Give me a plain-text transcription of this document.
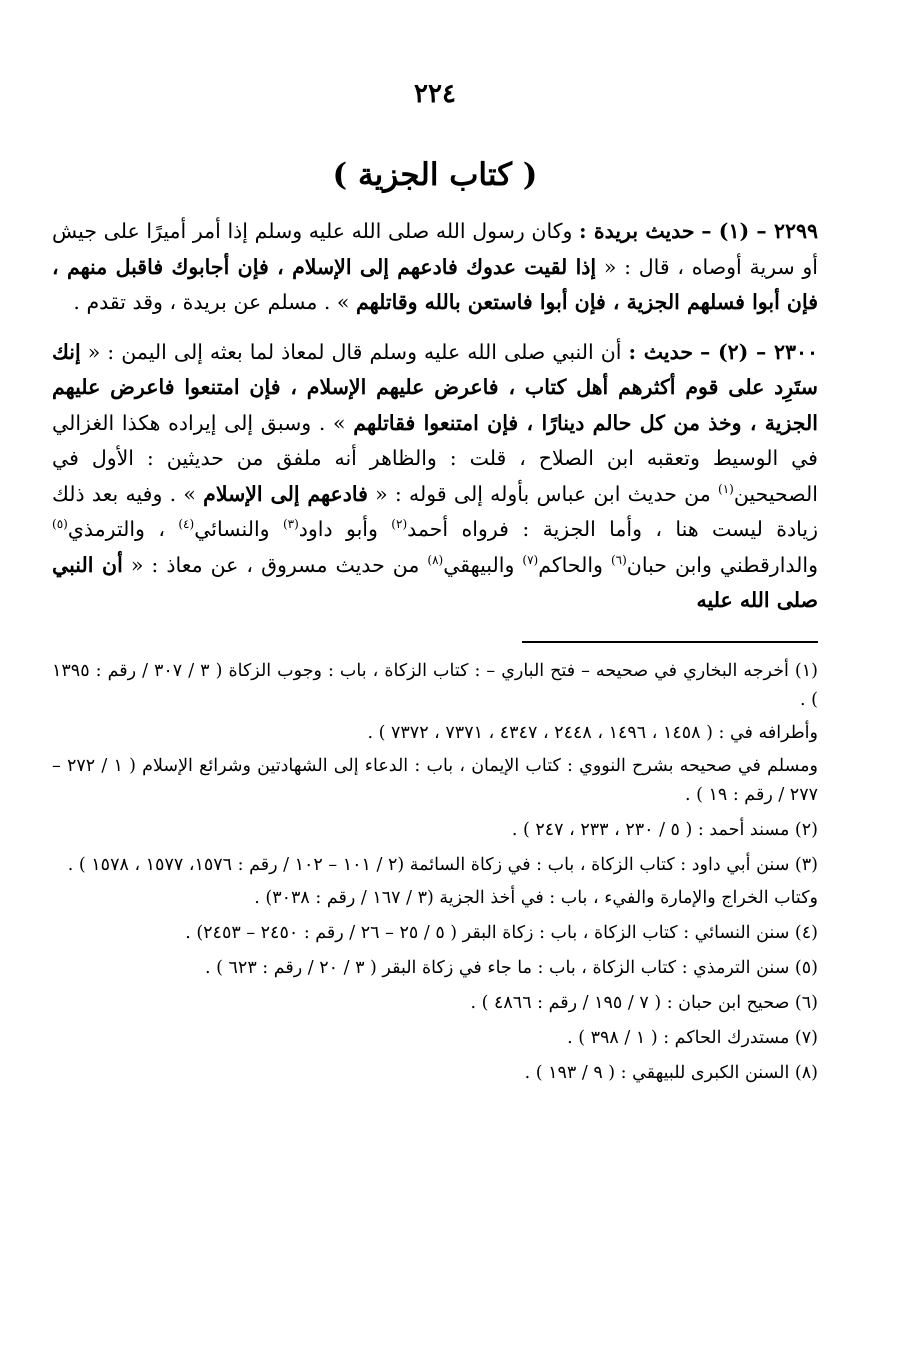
٢٢٤
( كتاب الجزية )

٢٢٩٩ – (١) – حديث بريدة : وكان رسول الله صلى الله عليه وسلم إذا أمر أميرًا على جيش أو سرية أوصاه ، قال : « إذا لقيت عدوك فادعهم إلى الإسلام ، فإن أجابوك فاقبل منهم ، فإن أبوا فسلهم الجزية ، فإن أبوا فاستعن بالله وقاتلهم » . مسلم عن بريدة ، وقد تقدم .

٢٣٠٠ – (٢) – حديث : أن النبي صلى الله عليه وسلم قال لمعاذ لما بعثه إلى اليمن : « إنك ستَرِد على قوم أكثرهم أهل كتاب ، فاعرض عليهم الإسلام ، فإن امتنعوا فاعرض عليهم الجزية ، وخذ من كل حالم دينارًا ، فإن امتنعوا فقاتلهم » . وسبق إلى إيراده هكذا الغزالي في الوسيط وتعقبه ابن الصلاح ، قلت : والظاهر أنه ملفق من حديثين : الأول في الصحيحين$^{(١)}$ من حديث ابن عباس بأوله إلى قوله : « فادعهم إلى الإسلام » . وفيه بعد ذلك زيادة ليست هنا ، وأما الجزية : فرواه أحمد$^{(٢)}$ وأبو داود$^{(٣)}$ والنسائي$^{(٤)}$ ، والترمذي$^{(٥)}$ والدارقطني وابن حبان$^{(٦)}$ والحاكم$^{(٧)}$ والبيهقي$^{(٨)}$ من حديث مسروق ، عن معاذ : « أن النبي صلى الله عليه

(١) أخرجه البخاري في صحيحه – فتح الباري – : كتاب الزكاة ، باب : وجوب الزكاة ( ٣ / ٣٠٧ / رقم : ١٣٩٥ ) .

وأطرافه في : ( ١٤٥٨ ، ١٤٩٦ ، ٢٤٤٨ ، ٤٣٤٧ ، ٧٣٧١ ، ٧٣٧٢ ) .

ومسلم في صحيحه بشرح النووي : كتاب الإيمان ، باب : الدعاء إلى الشهادتين وشرائع الإسلام ( ١ / ٢٧٢ – ٢٧٧ / رقم : ١٩ ) .

(٢) مسند أحمد : ( ٥ / ٢٣٠ ، ٢٣٣ ، ٢٤٧ ) .

(٣) سنن أبي داود : كتاب الزكاة ، باب : في زكاة السائمة (٢ / ١٠١ – ١٠٢ / رقم : ١٥٧٦، ١٥٧٧ ، ١٥٧٨ ) .

وكتاب الخراج والإمارة والفيء ، باب : في أخذ الجزية (٣ / ١٦٧ / رقم : ٣٠٣٨) .

(٤) سنن النسائي : كتاب الزكاة ، باب : زكاة البقر ( ٥ / ٢٥ – ٢٦ / رقم : ٢٤٥٠ – ٢٤٥٣) .

(٥) سنن الترمذي : كتاب الزكاة ، باب : ما جاء في زكاة البقر ( ٣ / ٢٠ / رقم : ٦٢٣ ) .

(٦) صحيح ابن حبان : ( ٧ / ١٩٥ / رقم : ٤٨٦٦ ) .

(٧) مستدرك الحاكم : ( ١ / ٣٩٨ ) .

(٨) السنن الكبرى للبيهقي : ( ٩ / ١٩٣ ) .
